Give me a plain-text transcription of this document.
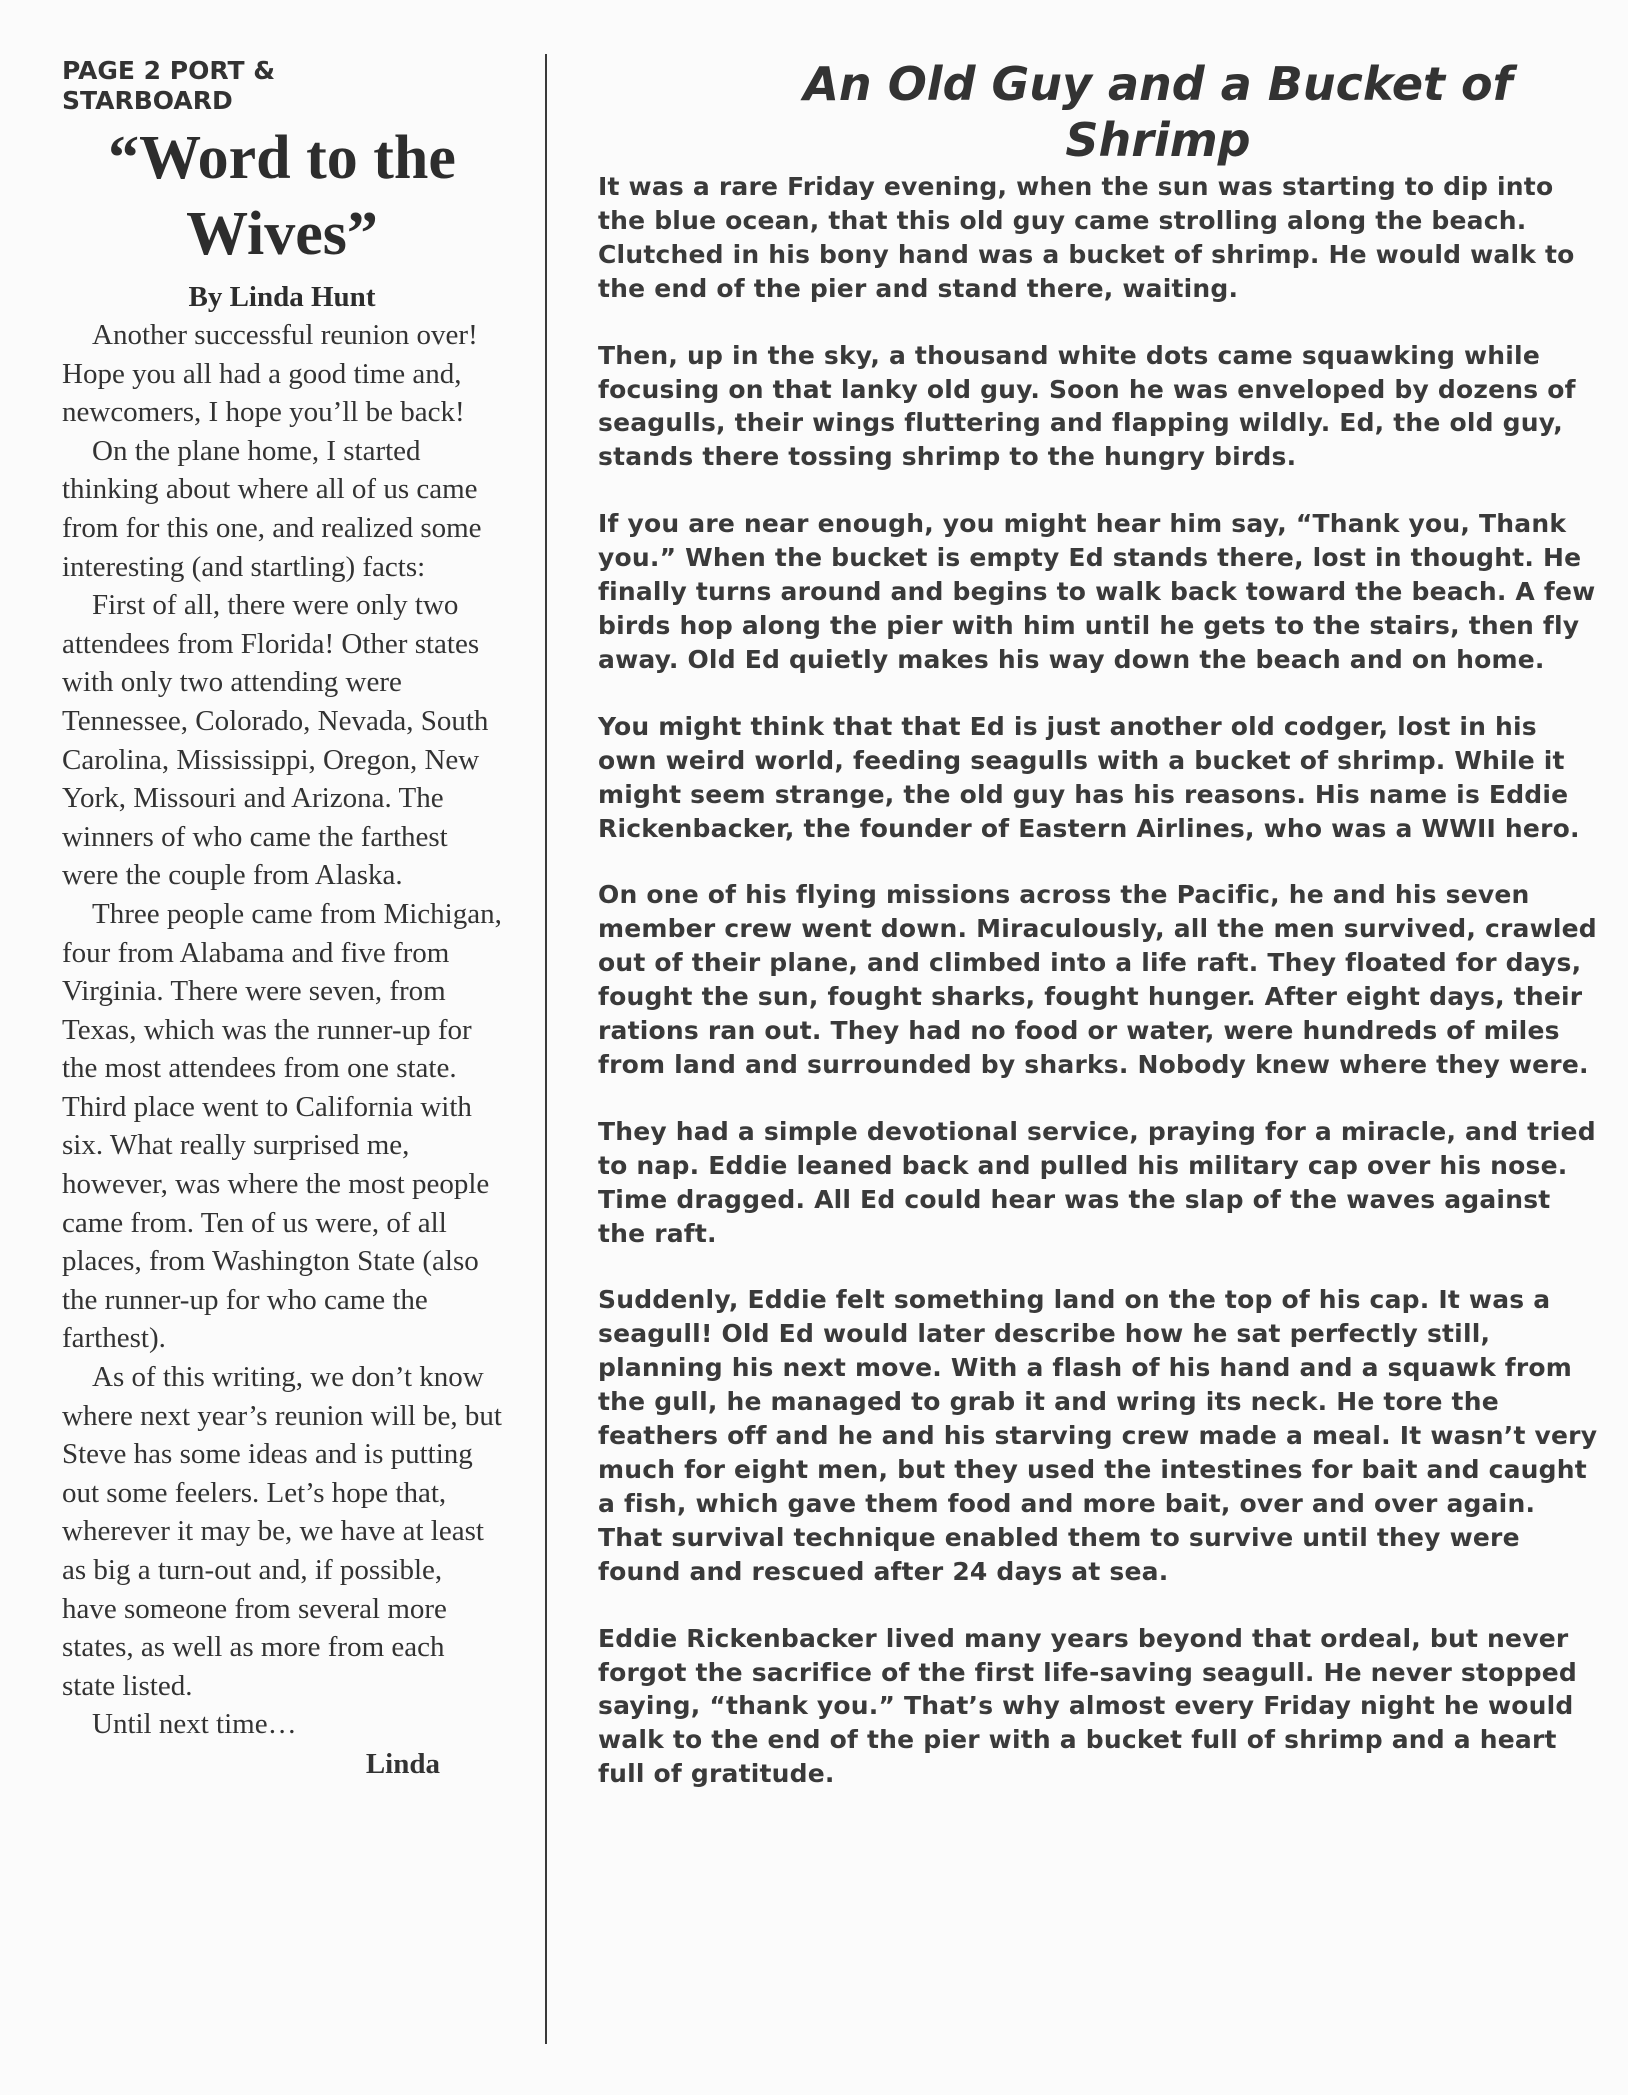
PAGE 2 PORT & STARBOARD

“Word to the Wives”

By Linda Hunt

Another successful reunion over! Hope you all had a good time and, newcomers, I hope you’ll be back!

On the plane home, I started thinking about where all of us came from for this one, and realized some interesting (and startling) facts:

First of all, there were only two attendees from Florida! Other states with only two attending were Tennessee, Colorado, Nevada, South Carolina, Mississippi, Oregon, New York, Missouri and Arizona. The winners of who came the farthest were the couple from Alaska.

Three people came from Michigan, four from Alabama and five from Virginia. There were seven, from Texas, which was the runner-up for the most attendees from one state. Third place went to California with six. What really surprised me, however, was where the most people came from. Ten of us were, of all places, from Washington State (also the runner-up for who came the farthest).

As of this writing, we don’t know where next year’s reunion will be, but Steve has some ideas and is putting out some feelers. Let’s hope that, wherever it may be, we have at least as big a turn-out and, if possible, have someone from several more states, as well as more from each state listed.

Until next time…

Linda

An Old Guy and a Bucket of Shrimp

It was a rare Friday evening, when the sun was starting to dip into the blue ocean, that this old guy came strolling along the beach. Clutched in his bony hand was a bucket of shrimp. He would walk to the end of the pier and stand there, waiting.

Then, up in the sky, a thousand white dots came squawking while focusing on that lanky old guy. Soon he was enveloped by dozens of seagulls, their wings fluttering and flapping wildly. Ed, the old guy, stands there tossing shrimp to the hungry birds.

If you are near enough, you might hear him say, “Thank you, Thank you.” When the bucket is empty Ed stands there, lost in thought. He finally turns around and begins to walk back toward the beach. A few birds hop along the pier with him until he gets to the stairs, then fly away. Old Ed quietly makes his way down the beach and on home.

You might think that that Ed is just another old codger, lost in his own weird world, feeding seagulls with a bucket of shrimp. While it might seem strange, the old guy has his reasons. His name is Eddie Rickenbacker, the founder of Eastern Airlines, who was a WWII hero.

On one of his flying missions across the Pacific, he and his seven member crew went down. Miraculously, all the men survived, crawled out of their plane, and climbed into a life raft. They floated for days, fought the sun, fought sharks, fought hunger. After eight days, their rations ran out. They had no food or water, were hundreds of miles from land and surrounded by sharks. Nobody knew where they were.

They had a simple devotional service, praying for a miracle, and tried to nap. Eddie leaned back and pulled his military cap over his nose. Time dragged. All Ed could hear was the slap of the waves against the raft.

Suddenly, Eddie felt something land on the top of his cap. It was a seagull! Old Ed would later describe how he sat perfectly still, planning his next move. With a flash of his hand and a squawk from the gull, he managed to grab it and wring its neck. He tore the feathers off and he and his starving crew made a meal. It wasn’t very much for eight men, but they used the intestines for bait and caught a fish, which gave them food and more bait, over and over again. That survival technique enabled them to survive until they were found and rescued after 24 days at sea.

Eddie Rickenbacker lived many years beyond that ordeal, but never forgot the sacrifice of the first life-saving seagull. He never stopped saying, “thank you.” That’s why almost every Friday night he would walk to the end of the pier with a bucket full of shrimp and a heart full of gratitude.
